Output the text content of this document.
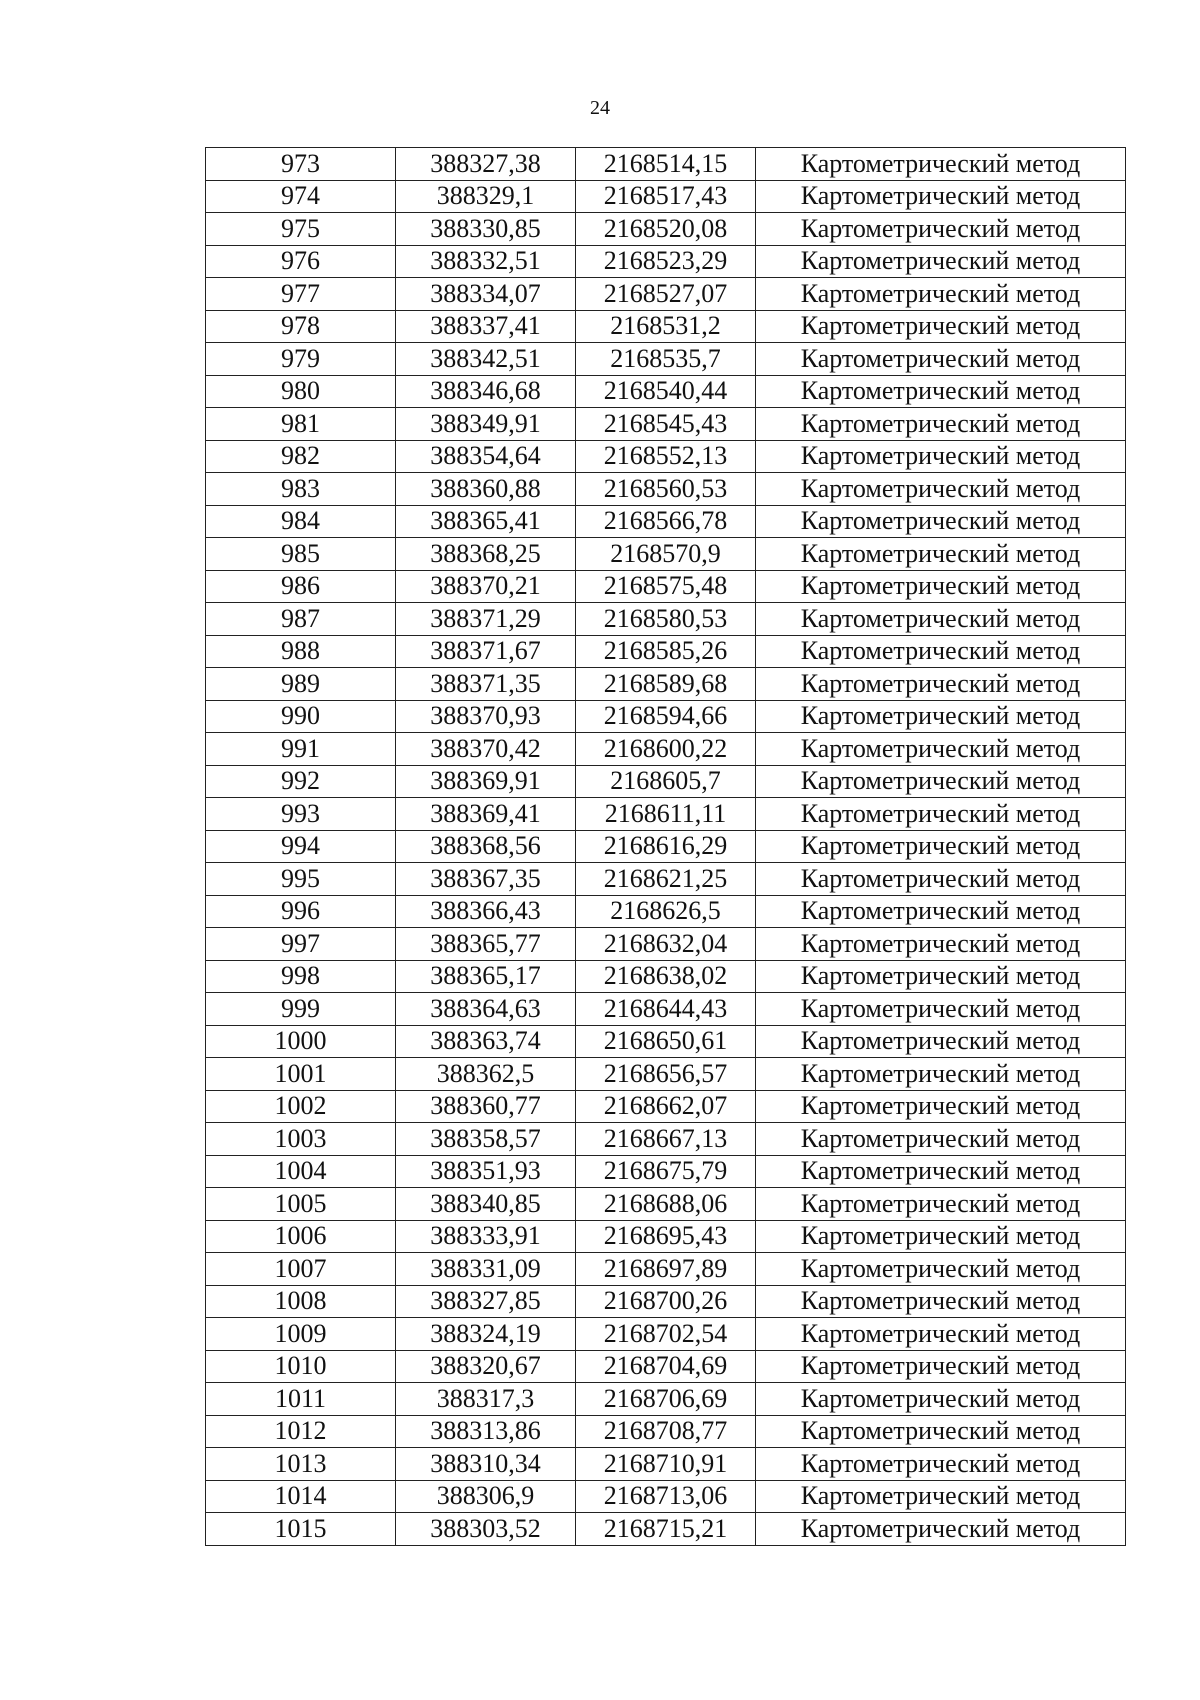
24
973	388327,38	2168514,15	Картометрический метод
974	388329,1	2168517,43	Картометрический метод
975	388330,85	2168520,08	Картометрический метод
976	388332,51	2168523,29	Картометрический метод
977	388334,07	2168527,07	Картометрический метод
978	388337,41	2168531,2	Картометрический метод
979	388342,51	2168535,7	Картометрический метод
980	388346,68	2168540,44	Картометрический метод
981	388349,91	2168545,43	Картометрический метод
982	388354,64	2168552,13	Картометрический метод
983	388360,88	2168560,53	Картометрический метод
984	388365,41	2168566,78	Картометрический метод
985	388368,25	2168570,9	Картометрический метод
986	388370,21	2168575,48	Картометрический метод
987	388371,29	2168580,53	Картометрический метод
988	388371,67	2168585,26	Картометрический метод
989	388371,35	2168589,68	Картометрический метод
990	388370,93	2168594,66	Картометрический метод
991	388370,42	2168600,22	Картометрический метод
992	388369,91	2168605,7	Картометрический метод
993	388369,41	2168611,11	Картометрический метод
994	388368,56	2168616,29	Картометрический метод
995	388367,35	2168621,25	Картометрический метод
996	388366,43	2168626,5	Картометрический метод
997	388365,77	2168632,04	Картометрический метод
998	388365,17	2168638,02	Картометрический метод
999	388364,63	2168644,43	Картометрический метод
1000	388363,74	2168650,61	Картометрический метод
1001	388362,5	2168656,57	Картометрический метод
1002	388360,77	2168662,07	Картометрический метод
1003	388358,57	2168667,13	Картометрический метод
1004	388351,93	2168675,79	Картометрический метод
1005	388340,85	2168688,06	Картометрический метод
1006	388333,91	2168695,43	Картометрический метод
1007	388331,09	2168697,89	Картометрический метод
1008	388327,85	2168700,26	Картометрический метод
1009	388324,19	2168702,54	Картометрический метод
1010	388320,67	2168704,69	Картометрический метод
1011	388317,3	2168706,69	Картометрический метод
1012	388313,86	2168708,77	Картометрический метод
1013	388310,34	2168710,91	Картометрический метод
1014	388306,9	2168713,06	Картометрический метод
1015	388303,52	2168715,21	Картометрический метод
